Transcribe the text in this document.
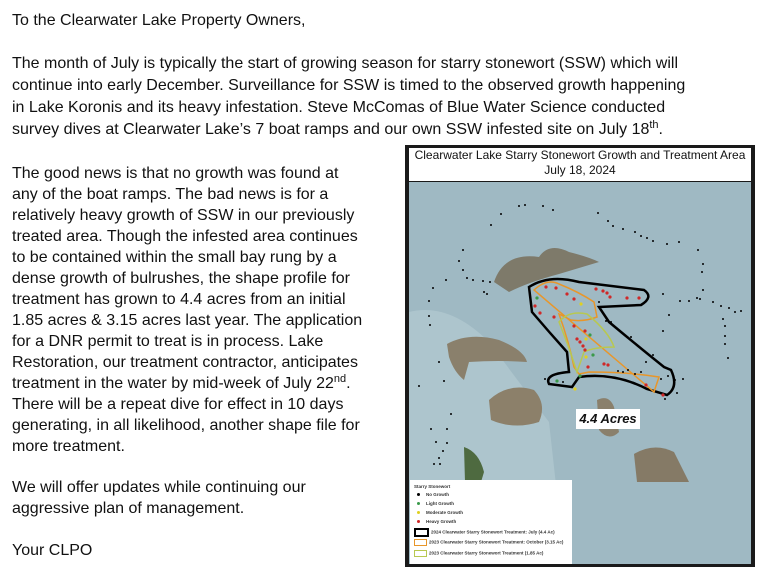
To the Clearwater Lake Property Owners,
The month of July is typically the start of growing season for starry stonewort (SSW) which will
continue into early December. Surveillance for SSW is timed to the observed growth happening
in Lake Koronis and its heavy infestation. Steve McComas of Blue Water Science conducted
survey dives at Clearwater Lake’s 7 boat ramps and our own SSW infested site on July 18th.
The good news is that no growth was found at
any of the boat ramps. The bad news is for a
relatively heavy growth of SSW in our previously
treated area. Though the infested area continues
to be contained within the small bay rung by a
dense growth of bulrushes, the shape profile for
treatment has grown to 4.4 acres from an initial
1.85 acres & 3.15 acres last year. The application
for a DNR permit to treat is in process. Lake
Restoration, our treatment contractor, anticipates
treatment in the water by mid-week of July 22nd.
There will be a repeat dive for effect in 10 days
generating, in all likelihood, another shape file for
more treatment.
We will offer updates while continuing our
aggressive plan of management.
Your CLPO
Clearwater Lake Starry Stonewort Growth and Treatment Area
July 18, 2024
4.4 Acres
Starry Stonewort
No Growth
Light Growth
Moderate Growth
Heavy Growth
2024 Clearwater Starry Stonewort Treatment: July (4.4 Ac)
2023 Clearwater Starry Stonewort Treatment: October (3.15 Ac)
2023 Clearwater Starry Stonewort Treatment (1.85 Ac)
